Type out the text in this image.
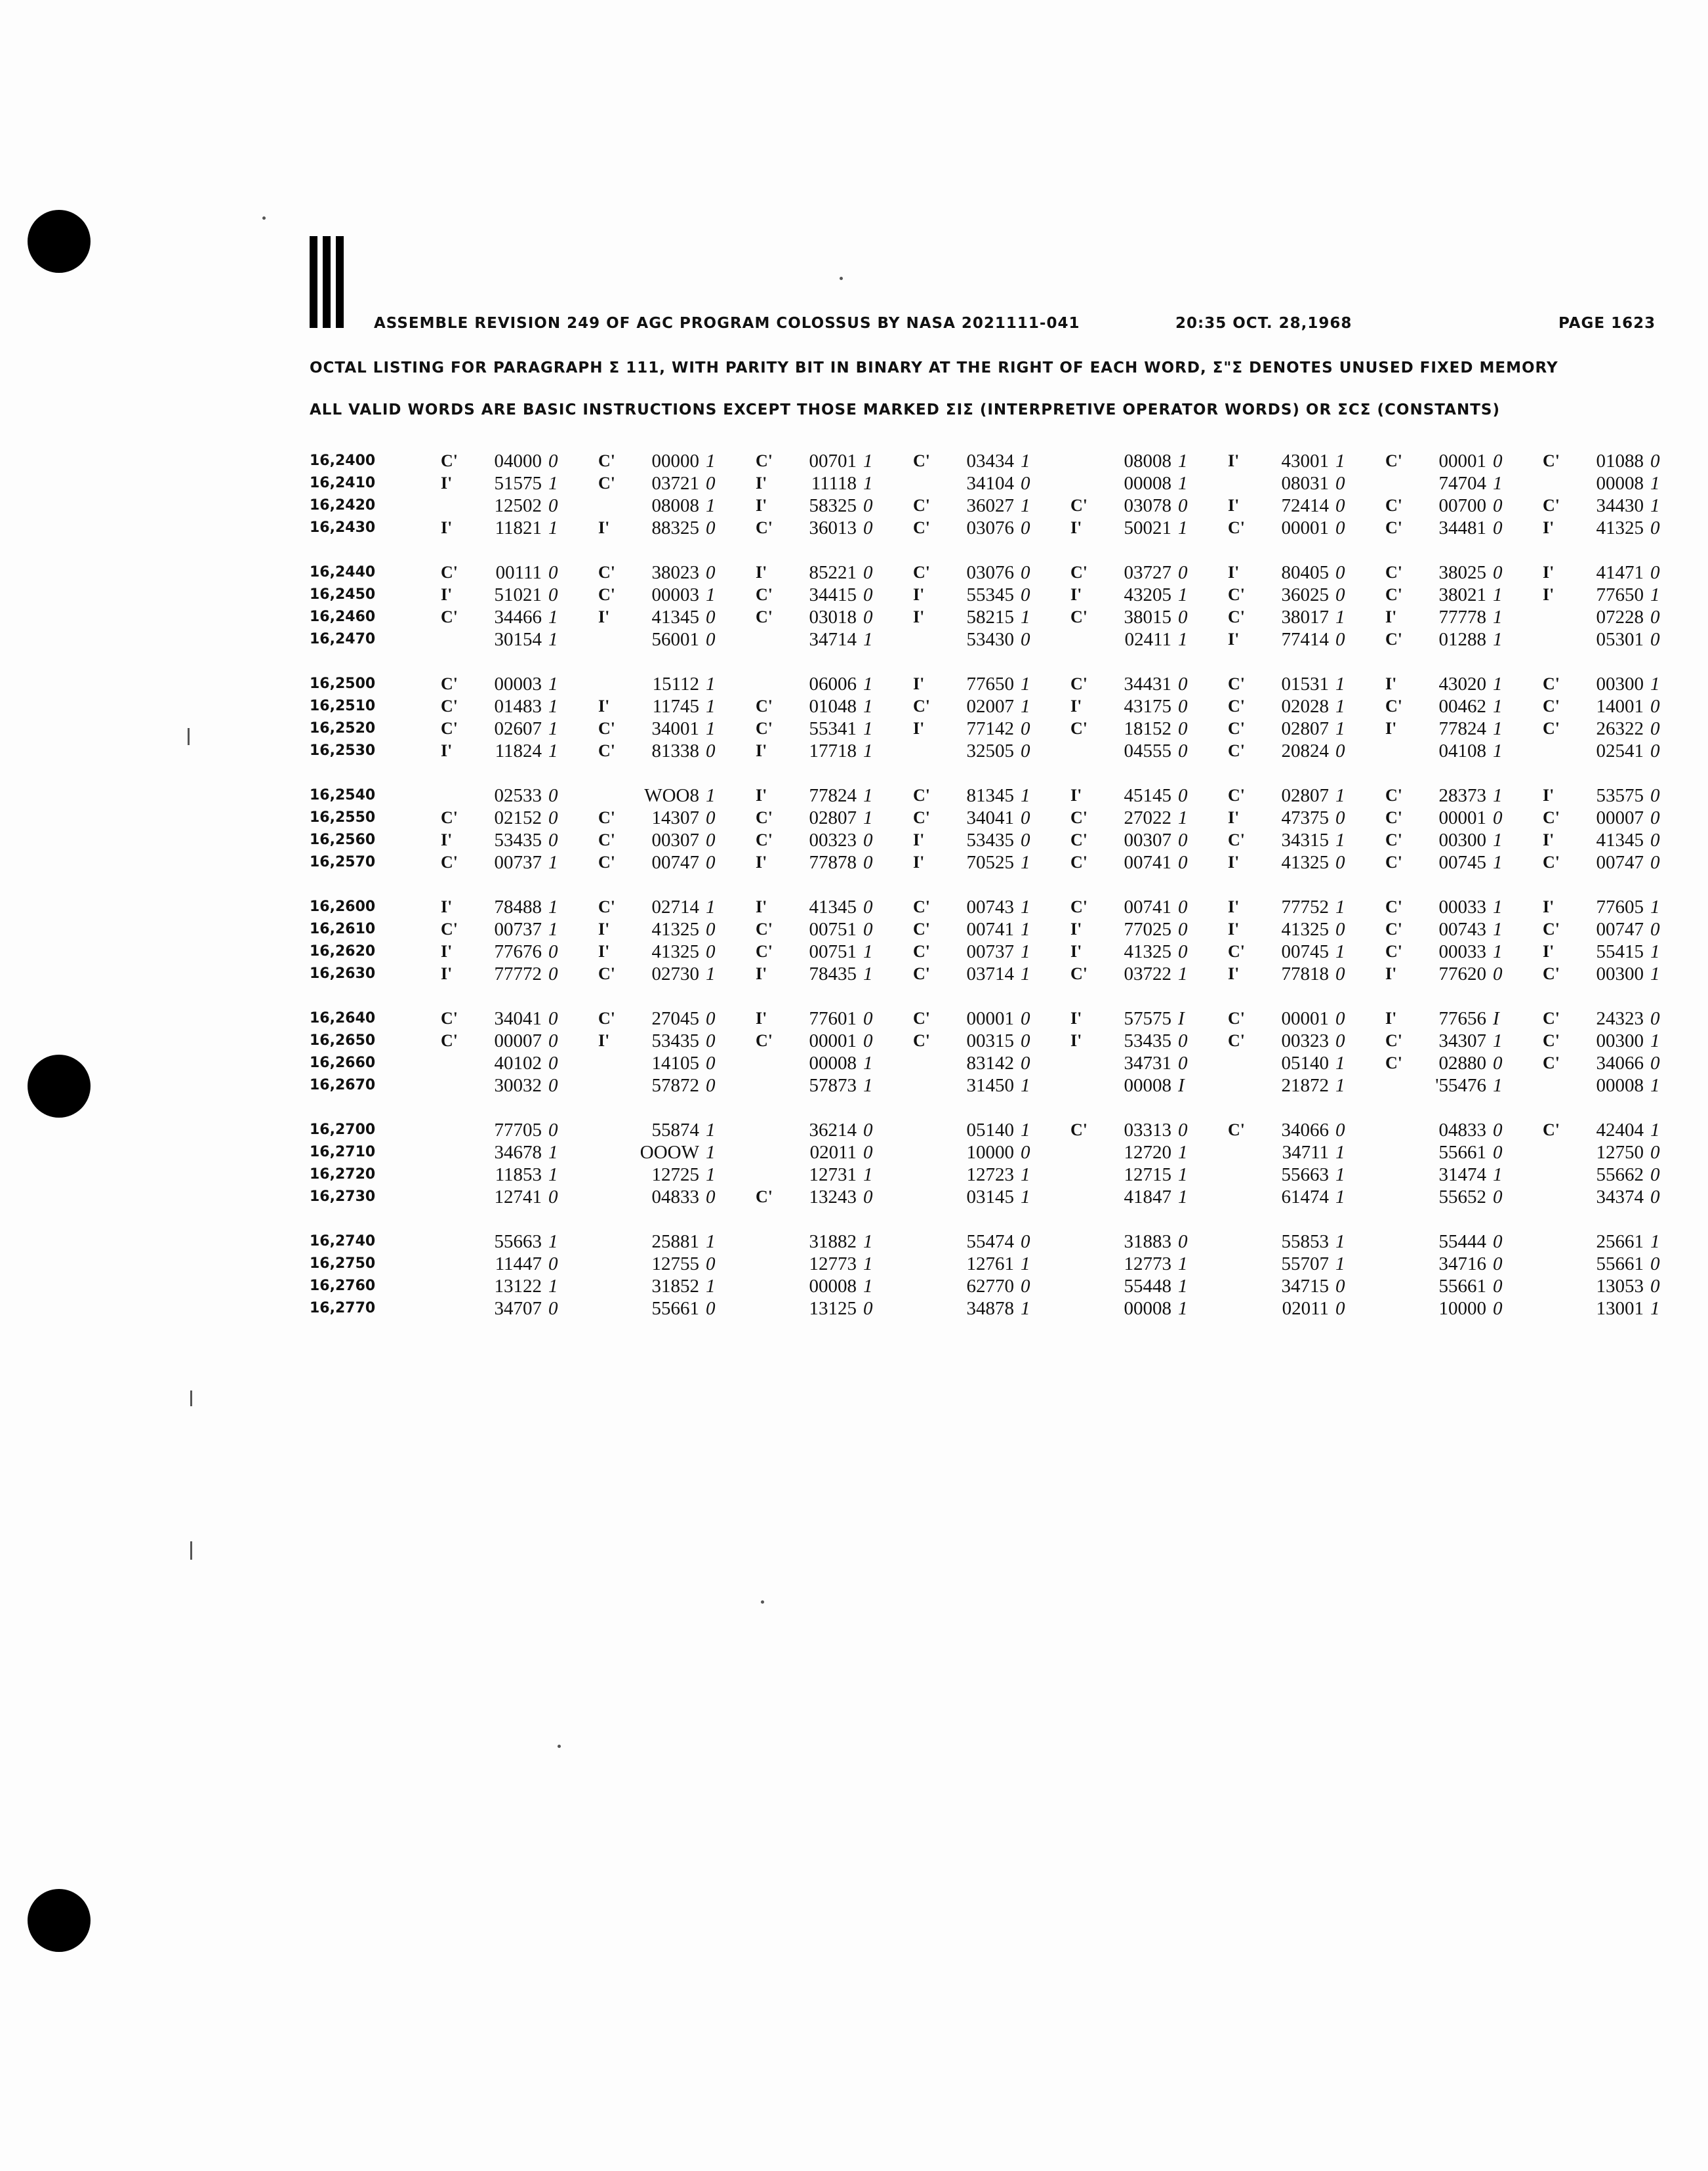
ASSEMBLE REVISION 249 OF AGC PROGRAM COLOSSUS BY NASA 2021111-041	20:35 OCT. 28,1968	PAGE 1623
OCTAL LISTING FOR PARAGRAPH Ʃ 111, WITH PARITY BIT IN BINARY AT THE RIGHT OF EACH WORD, Ʃ"Ʃ DENOTES UNUSED FIXED MEMORY
ALL VALID WORDS ARE BASIC INSTRUCTIONS EXCEPT THOSE MARKED ƩIƩ (INTERPRETIVE OPERATOR WORDS) OR ƩCƩ (CONSTANTS)
16,2400	C'	04000 0 C'	00000 1 C'	00701 1 C'	03434 1	08008 1 I'	43001 1 C'	00001 0 C'	01088 0
16,2410	I'	51575 1 C'	03721 0 I'	11118 1	34104 0	00008 1	08031 0	74704 1	00008 1
16,2420	12502 0	08008 1 I'	58325 0 C'	36027 1 C'	03078 0 I'	72414 0 C'	00700 0 C'	34430 1
16,2430	I'	11821 1 I'	88325 0 C'	36013 0 C'	03076 0 I'	50021 1 C'	00001 0 C'	34481 0 I'	41325 0
16,2440	C'	00111 0 C'	38023 0 I'	85221 0 C'	03076 0 C'	03727 0 I'	80405 0 C'	38025 0 I'	41471 0
16,2450	I'	51021 0 C'	00003 1 C'	34415 0 I'	55345 0 I'	43205 1 C'	36025 0 C'	38021 1 I'	77650 1
16,2460	C'	34466 1 I'	41345 0 C'	03018 0 I'	58215 1 C'	38015 0 C'	38017 1 I'	77778 1	07228 0
16,2470	30154 1	56001 0	34714 1	53430 0	02411 1 I'	77414 0 C'	01288 1	05301 0
16,2500	C'	00003 1	15112 1	06006 1 I'	77650 1 C'	34431 0 C'	01531 1 I'	43020 1 C'	00300 1
16,2510	C'	01483 1 I'	11745 1 C'	01048 1 C'	02007 1 I'	43175 0 C'	02028 1 C'	00462 1 C'	14001 0
16,2520	C'	02607 1 C'	34001 1 C'	55341 1 I'	77142 0 C'	18152 0 C'	02807 1 I'	77824 1 C'	26322 0
16,2530	I'	11824 1 C'	81338 0 I'	17718 1	32505 0	04555 0 C'	20824 0	04108 1	02541 0
16,2540	02533 0	WOO8 1 I'	77824 1 C'	81345 1 I'	45145 0 C'	02807 1 C'	28373 1 I'	53575 0
16,2550	C'	02152 0 C'	14307 0 C'	02807 1 C'	34041 0 C'	27022 1 I'	47375 0 C'	00001 0 C'	00007 0
16,2560	I'	53435 0 C'	00307 0 C'	00323 0 I'	53435 0 C'	00307 0 C'	34315 1 C'	00300 1 I'	41345 0
16,2570	C'	00737 1 C'	00747 0 I'	77878 0 I'	70525 1 C'	00741 0 I'	41325 0 C'	00745 1 C'	00747 0
16,2600	I'	78488 1 C'	02714 1 I'	41345 0 C'	00743 1 C'	00741 0 I'	77752 1 C'	00033 1 I'	77605 1
16,2610	C'	00737 1 I'	41325 0 C'	00751 0 C'	00741 1 I'	77025 0 I'	41325 0 C'	00743 1 C'	00747 0
16,2620	I'	77676 0 I'	41325 0 C'	00751 1 C'	00737 1 I'	41325 0 C'	00745 1 C'	00033 1 I'	55415 1
16,2630	I'	77772 0 C'	02730 1 I'	78435 1 C'	03714 1 C'	03722 1 I'	77818 0 I'	77620 0 C'	00300 1
16,2640	C'	34041 0 C'	27045 0 I'	77601 0 C'	00001 0 I'	57575 I	C'	00001 0 I'	77656 I	C'	24323 0
16,2650	C'	00007 0 I'	53435 0 C'	00001 0 C'	00315 0 I'	53435 0 C'	00323 0 C'	34307 1 C'	00300 1
16,2660	40102 0	14105 0	00008 1	83142 0	34731 0	05140 1 C'	02880 0 C'	34066 0
16,2670	30032 0	57872 0	57873 1	31450 1	00008 I	21872 1	'55476 1	00008 1
16,2700	77705 0	55874 1	36214 0	05140 1 C'	03313 0 C'	34066 0	04833 0 C'	42404 1
16,2710	34678 1	OOOW 1	02011 0	10000 0	12720 1	34711 1	55661 0	12750 0
16,2720	11853 1	12725 1	12731 1	12723 1	12715 1	55663 1	31474 1	55662 0
16,2730	12741 0	04833 0 C'	13243 0	03145 1	41847 1	61474 1	55652 0	34374 0
16,2740	55663 1	25881 1	31882 1	55474 0	31883 0	55853 1	55444 0	25661 1
16,2750	11447 0	12755 0	12773 1	12761 1	12773 1	55707 1	34716 0	55661 0
16,2760	13122 1	31852 1	00008 1	62770 0	55448 1	34715 0	55661 0	13053 0
16,2770	34707 0	55661 0	13125 0	34878 1	00008 1	02011 0	10000 0	13001 1
